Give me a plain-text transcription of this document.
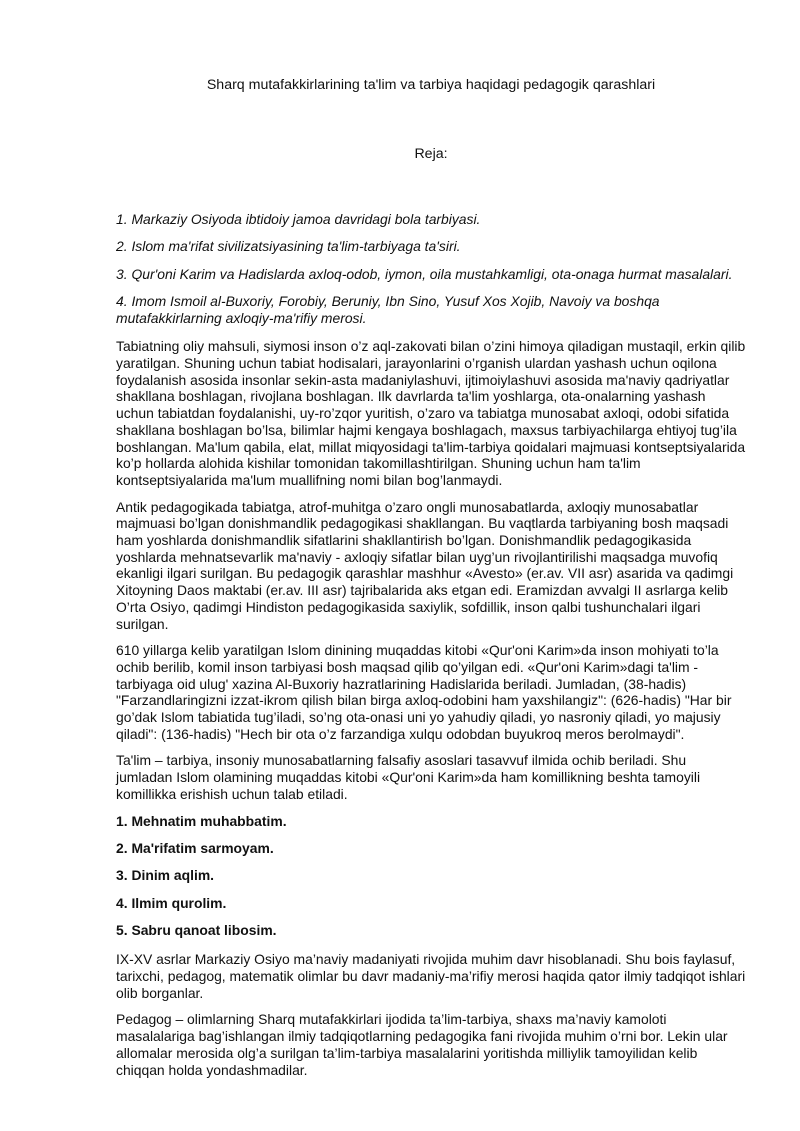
Sharq mutafakkirlarining ta'lim va tarbiya haqidagi pedagogik qarashlari

Reja:

1. Markaziy Osiyoda ibtidoiy jamoa davridagi bola tarbiyasi.

2. Islom ma'rifat sivilizatsiyasining ta'lim-tarbiyaga ta'siri.

3. Qur'oni Karim va Hadislarda axloq-odob, iymon, oila mustahkamligi, ota-onaga hurmat masalalari.

4. Imom Ismoil al-Buxoriy, Forobiy, Beruniy, Ibn Sino, Yusuf Xos Xojib, Navoiy va boshqa mutafakkirlarning axloqiy-ma'rifiy merosi.

Tabiatning oliy mahsuli, siymosi inson o’z aql-zakovati bilan o’zini himoya qiladigan mustaqil, erkin qilib yaratilgan. Shuning uchun tabiat hodisalari, jarayonlarini o’rganish ulardan yashash uchun oqilona foydalanish asosida insonlar sekin-asta madaniylashuvi, ijtimoiylashuvi asosida ma'naviy qadriyatlar shakllana boshlagan, rivojlana boshlagan. Ilk davrlarda ta'lim yoshlarga, ota-onalarning yashash uchun tabiatdan foydalanishi, uy-ro’zqor yuritish, o’zaro va tabiatga munosabat axloqi, odobi sifatida shakllana boshlagan bo’lsa, bilimlar hajmi kengaya boshlagach, maxsus tarbiyachilarga ehtiyoj tug’ila boshlangan. Ma'lum qabila, elat, millat miqyosidagi ta'lim-tarbiya qoidalari majmuasi kontseptsiyalarida ko’p hollarda alohida kishilar tomonidan takomillashtirilgan. Shuning uchun ham ta'lim kontseptsiyalarida ma'lum muallifning nomi bilan bog’lanmaydi.

Antik pedagogikada tabiatga, atrof-muhitga o’zaro ongli munosabatlarda, axloqiy munosabatlar majmuasi bo’lgan donishmandlik pedagogikasi shakllangan. Bu vaqtlarda tarbiyaning bosh maqsadi ham yoshlarda donishmandlik sifatlarini shakllantirish bo’lgan. Donishmandlik pedagogikasida yoshlarda mehnatsevarlik ma'naviy - axloqiy sifatlar bilan uyg’un rivojlantirilishi maqsadga muvofiq ekanligi ilgari surilgan. Bu pedagogik qarashlar mashhur «Avesto» (er.av. VII asr) asarida va qadimgi Xitoyning Daos maktabi (er.av. III asr) tajribalarida aks etgan edi. Eramizdan avvalgi II asrlarga kelib O’rta Osiyo, qadimgi Hindiston pedagogikasida saxiylik, sofdillik, inson qalbi tushunchalari ilgari surilgan.

610 yillarga kelib yaratilgan Islom dinining muqaddas kitobi «Qur'oni Karim»da inson mohiyati to’la ochib berilib, komil inson tarbiyasi bosh maqsad qilib qo’yilgan edi. «Qur'oni Karim»dagi ta'lim - tarbiyaga oid ulug' xazina Al-Buxoriy hazratlarining Hadislarida beriladi. Jumladan, (38-hadis) "Farzandlaringizni izzat-ikrom qilish bilan birga axloq-odobini ham yaxshilangiz": (626-hadis) "Har bir go’dak Islom tabiatida tug’iladi, so’ng ota-onasi uni yo yahudiy qiladi, yo nasroniy qiladi, yo majusiy qiladi": (136-hadis) "Hech bir ota o’z farzandiga xulqu odobdan buyukroq meros berolmaydi".

Ta'lim – tarbiya, insoniy munosabatlarning falsafiy asoslari tasavvuf ilmida ochib beriladi. Shu jumladan Islom olamining muqaddas kitobi «Qur'oni Karim»da ham komillikning beshta tamoyili komillikka erishish uchun talab etiladi.

1. Mehnatim muhabbatim.

2. Ma'rifatim sarmoyam.

3. Dinim aqlim.

4. Ilmim qurolim.

5. Sabru qanoat libosim.

IX-XV asrlar Markaziy Osiyo ma’naviy madaniyati rivojida muhim davr hisoblanadi. Shu bois faylasuf, tarixchi, pedagog, matematik olimlar bu davr madaniy-ma’rifiy merosi haqida qator ilmiy tadqiqot ishlari olib borganlar.

Pedagog – olimlarning Sharq mutafakkirlari ijodida ta’lim-tarbiya, shaxs ma’naviy kamoloti masalalariga bag’ishlangan ilmiy tadqiqotlarning pedagogika fani rivojida muhim o’rni bor. Lekin ular allomalar merosida olg’a surilgan ta’lim-tarbiya masalalarini yoritishda milliylik tamoyilidan kelib chiqqan holda yondashmadilar.
